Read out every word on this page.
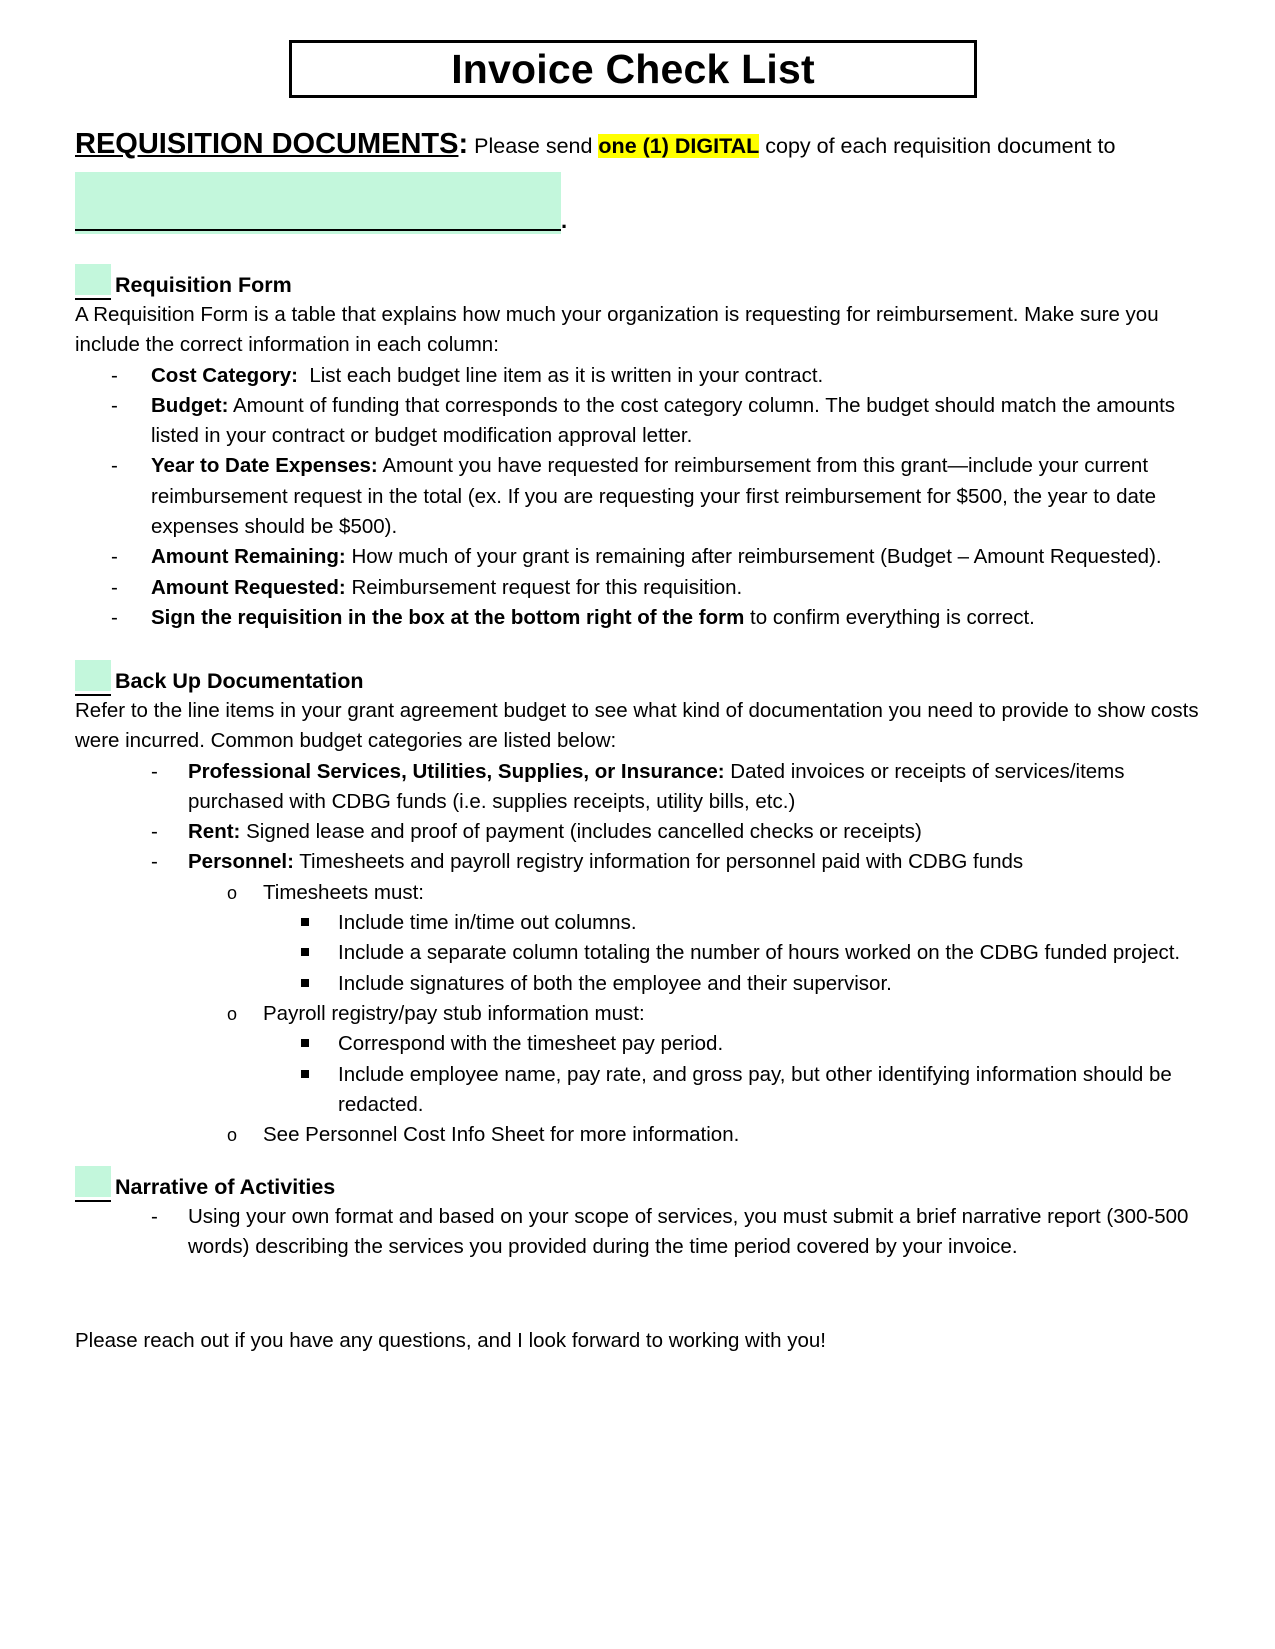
Invoice Check List
REQUISITION DOCUMENTS: Please send one (1) DIGITAL copy of each requisition document to
.
Requisition Form

A Requisition Form is a table that explains how much your organization is requesting for reimbursement. Make sure you include the correct information in each column:

- Cost Category:  List each budget line item as it is written in your contract.
- Budget: Amount of funding that corresponds to the cost category column. The budget should match the amounts listed in your contract or budget modification approval letter.
- Year to Date Expenses: Amount you have requested for reimbursement from this grant—include your current reimbursement request in the total (ex. If you are requesting your first reimbursement for $500, the year to date expenses should be $500).
- Amount Remaining: How much of your grant is remaining after reimbursement (Budget – Amount Requested).
- Amount Requested: Reimbursement request for this requisition.
- Sign the requisition in the box at the bottom right of the form to confirm everything is correct.
Back Up Documentation

Refer to the line items in your grant agreement budget to see what kind of documentation you need to provide to show costs were incurred. Common budget categories are listed below:

- Professional Services, Utilities, Supplies, or Insurance: Dated invoices or receipts of services/items purchased with CDBG funds (i.e. supplies receipts, utility bills, etc.)
- Rent: Signed lease and proof of payment (includes cancelled checks or receipts)
- Personnel: Timesheets and payroll registry information for personnel paid with CDBG funds
o Timesheets must:
Include time in/time out columns.
Include a separate column totaling the number of hours worked on the CDBG funded project.
Include signatures of both the employee and their supervisor.
o Payroll registry/pay stub information must:
Correspond with the timesheet pay period.
Include employee name, pay rate, and gross pay, but other identifying information should be redacted.
o See Personnel Cost Info Sheet for more information.
Narrative of Activities
- Using your own format and based on your scope of services, you must submit a brief narrative report (300-500 words) describing the services you provided during the time period covered by your invoice.

Please reach out if you have any questions, and I look forward to working with you!
